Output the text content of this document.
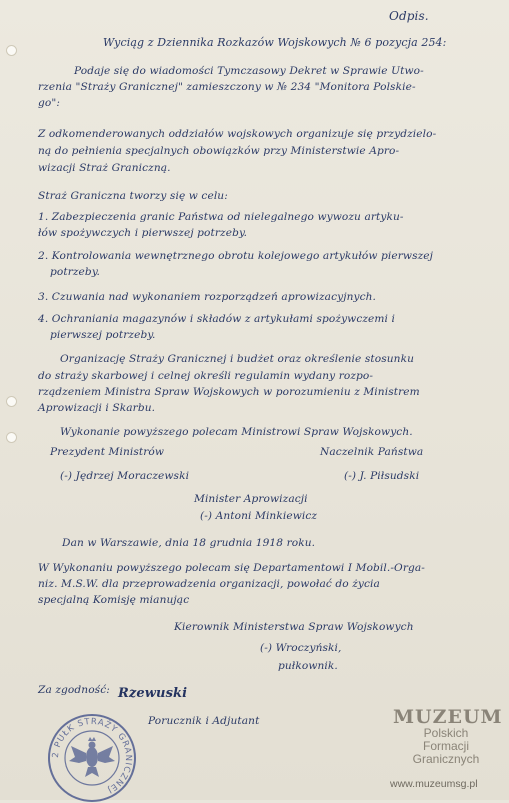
Odpis.
Wyciąg z Dziennika Rozkazów Wojskowych № 6 pozycja 254:
Podaje się do wiadomości Tymczasowy Dekret w Sprawie Utwo-
rzenia "Straży Granicznej" zamieszczony w № 234 "Monitora Polskie-
go":
Z odkomenderowanych oddziałów wojskowych organizuje się przydzielo-
ną do pełnienia specjalnych obowiązków przy Ministerstwie Apro-
wizacji Straż Graniczną.
Straż Graniczna tworzy się w celu:
1. Zabezpieczenia granic Państwa od nielegalnego wywozu artyku-
łów spożywczych i pierwszej potrzeby.
2. Kontrolowania wewnętrznego obrotu kolejowego artykułów pierwszej
potrzeby.
3. Czuwania nad wykonaniem rozporządzeń aprowizacyjnych.
4. Ochraniania magazynów i składów z artykułami spożywczemi i
pierwszej potrzeby.
Organizację Straży Granicznej i budżet oraz określenie stosunku
do straży skarbowej i celnej określi regulamin wydany rozpo-
rządzeniem Ministra Spraw Wojskowych w porozumieniu z Ministrem
Aprowizacji i Skarbu.
Wykonanie powyższego polecam Ministrowi Spraw Wojskowych.
Prezydent Ministrów	Naczelnik Państwa
(-) Jędrzej Moraczewski	(-) J. Piłsudski
Minister Aprowizacji
(-) Antoni Minkiewicz
Dan w Warszawie, dnia 18 grudnia 1918 roku.
W Wykonaniu powyższego polecam się Departamentowi I Mobil.-Orga-
niz. M.S.W. dla przeprowadzenia organizacji, powołać do życia
specjalną Komisję mianując
Kierownik Ministerstwa Spraw Wojskowych
(-) Wroczyński,
pułkownik.
Za zgodność: Rzewuski
Porucznik i Adjutant
2 PUŁK STRAŻY GRANICZNEJ
MUZEUM
Polskich
Formacji
Granicznych
www.muzeumsg.pl
